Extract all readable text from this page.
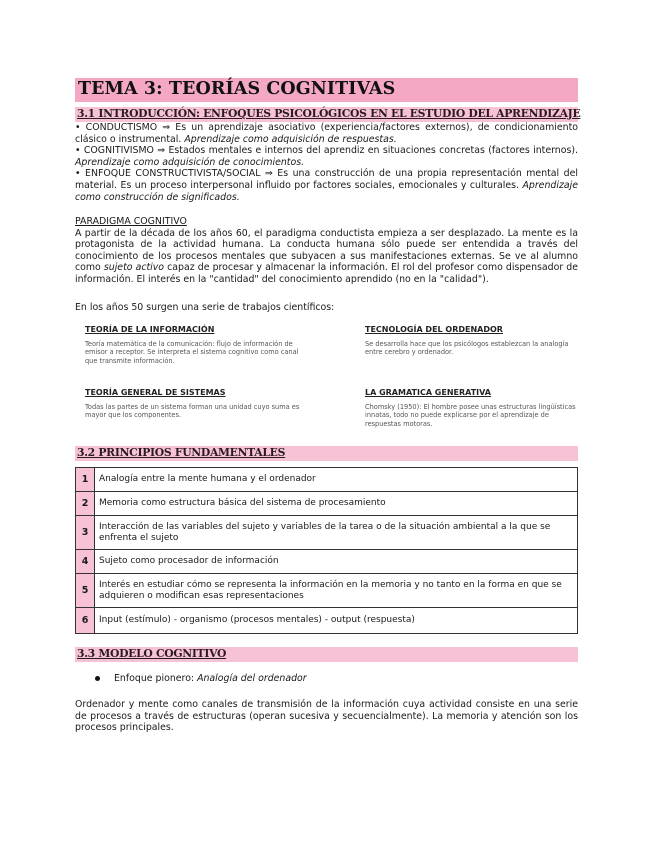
TEMA 3: TEORÍAS COGNITIVAS
3.1 INTRODUCCIÓN: ENFOQUES PSICOLÓGICOS EN EL ESTUDIO DEL APRENDIZAJE

• CONDUCTISMO ⇒ Es un aprendizaje asociativo (experiencia/factores externos), de condicionamiento clásico o instrumental. Aprendizaje como adquisición de respuestas.

• COGNITIVISMO ⇒ Estados mentales e internos del aprendiz en situaciones concretas (factores internos). Aprendizaje como adquisición de conocimientos.

• ENFOQUE CONSTRUCTIVISTA/SOCIAL ⇒ Es una construcción de una propia representación mental del material. Es un proceso interpersonal influido por factores sociales, emocionales y culturales. Aprendizaje como construcción de significados.

PARADIGMA COGNITIVO

A partir de la década de los años 60, el paradigma conductista empieza a ser desplazado. La mente es la protagonista de la actividad humana. La conducta humana sólo puede ser entendida a través del conocimiento de los procesos mentales que subyacen a sus manifestaciones externas. Se ve al alumno como sujeto activo capaz de procesar y almacenar la información. El rol del profesor como dispensador de información. El interés en la "cantidad" del conocimiento aprendido (no en la "calidad").

En los años 50 surgen una serie de trabajos científicos:

TEORÍA DE LA INFORMACIÓN

Teoría matemática de la comunicación: flujo de información de emisor a receptor. Se interpreta el sistema cognitivo como canal que transmite información.

TECNOLOGÍA DEL ORDENADOR

Se desarrolla hace que los psicólogos establezcan la analogía entre cerebro y ordenador.

TEORÍA GENERAL DE SISTEMAS

Todas las partes de un sistema forman una unidad cuyo suma es mayor que los componentes.

LA GRAMATICA GENERATIVA

Chomsky (1950): El hombre posee unas estructuras lingüísticas innatas, todo no puede explicarse por el aprendizaje de respuestas motoras.

3.2 PRINCIPIOS FUNDAMENTALES
1	Analogía entre la mente humana y el ordenador
2	Memoria como estructura básica del sistema de procesamiento
3	Interacción de las variables del sujeto y variables de la tarea o de la situación ambiental a la que se enfrenta el sujeto
4	Sujeto como procesador de información
5	Interés en estudiar cómo se representa la información en la memoria y no tanto en la forma en que se adquieren o modifican esas representaciones
6	Input (estímulo) - organismo (procesos mentales) - output (respuesta)
3.3 MODELO COGNITIVO
Enfoque pionero: Analogía del ordenador

Ordenador y mente como canales de transmisión de la información cuya actividad consiste en una serie de procesos a través de estructuras (operan sucesiva y secuencialmente). La memoria y atención son los procesos principales.
